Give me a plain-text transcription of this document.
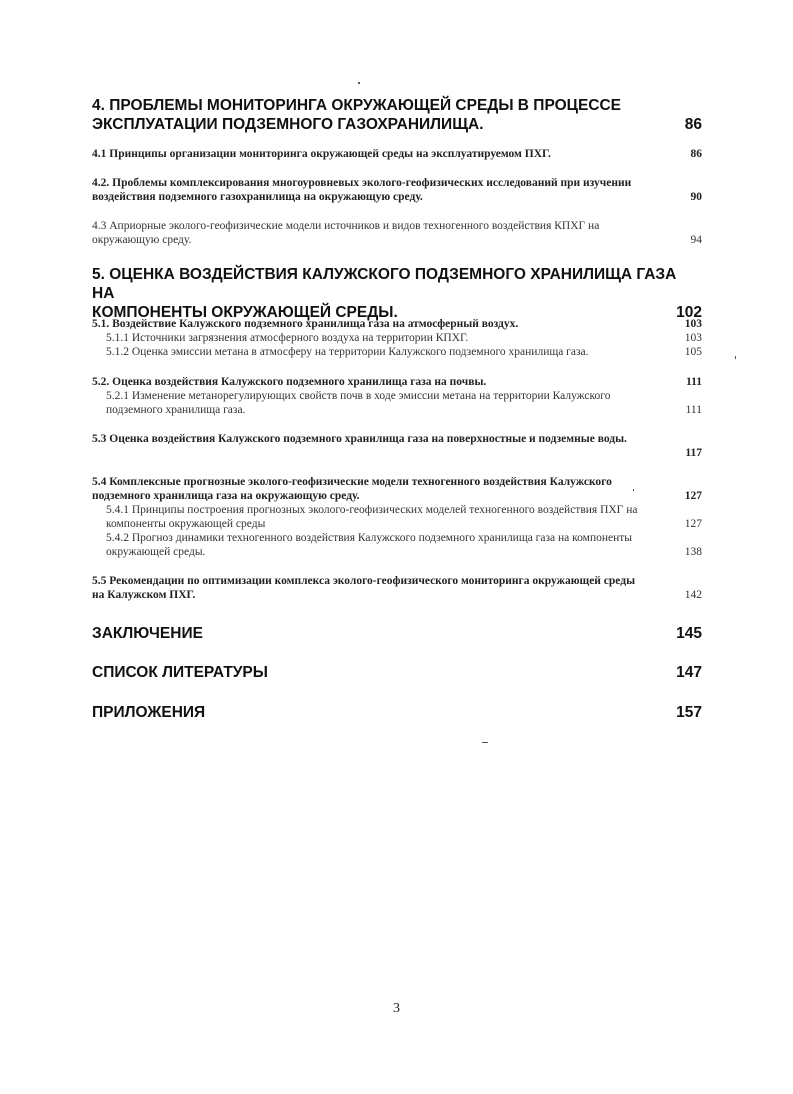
4. ПРОБЛЕМЫ МОНИТОРИНГА ОКРУЖАЮЩЕЙ СРЕДЫ В ПРОЦЕССЕ
ЭКСПЛУАТАЦИИ ПОДЗЕМНОГО ГАЗОХРАНИЛИЩА.	86
4.1 Принципы организации мониторинга окружающей среды на эксплуатируемом ПХГ.	86
4.2. Проблемы комплексирования многоуровневых эколого-геофизических исследований при изучении
воздействия подземного газохранилища на окружающую среду.	90
4.3 Априорные эколого-геофизические модели источников и видов техногенного воздействия КПХГ на
окружающую среду.	94
5. ОЦЕНКА ВОЗДЕЙСТВИЯ КАЛУЖСКОГО ПОДЗЕМНОГО ХРАНИЛИЩА ГАЗА НА
КОМПОНЕНТЫ ОКРУЖАЮЩЕЙ СРЕДЫ.	102
5.1. Воздействие Калужского подземного хранилища газа на атмосферный воздух.	103
5.1.1 Источники загрязнения атмосферного воздуха на территории КПХГ.	103
5.1.2 Оценка эмиссии метана в атмосферу на территории Калужского подземного хранилища газа.	105
5.2. Оценка воздействия Калужского подземного хранилища газа на почвы.	111
5.2.1 Изменение метанорегулирующих свойств почв в ходе эмиссии метана на территории Калужского
подземного хранилища газа.	111
5.3 Оценка воздействия Калужского подземного хранилища газа на поверхностные и подземные воды.
117
5.4 Комплексные прогнозные эколого-геофизические модели техногенного воздействия Калужского
подземного хранилища газа на окружающую среду.	127
5.4.1 Принципы построения прогнозных эколого-геофизических моделей техногенного воздействия ПХГ на
компоненты окружающей среды	127
5.4.2 Прогноз динамики техногенного воздействия Калужского подземного хранилища газа на компоненты
окружающей среды.	138
5.5 Рекомендации по оптимизации комплекса эколого-геофизического мониторинга окружающей среды
на Калужском ПХГ.	142
ЗАКЛЮЧЕНИЕ	145
СПИСОК ЛИТЕРАТУРЫ	147
ПРИЛОЖЕНИЯ	157
3
